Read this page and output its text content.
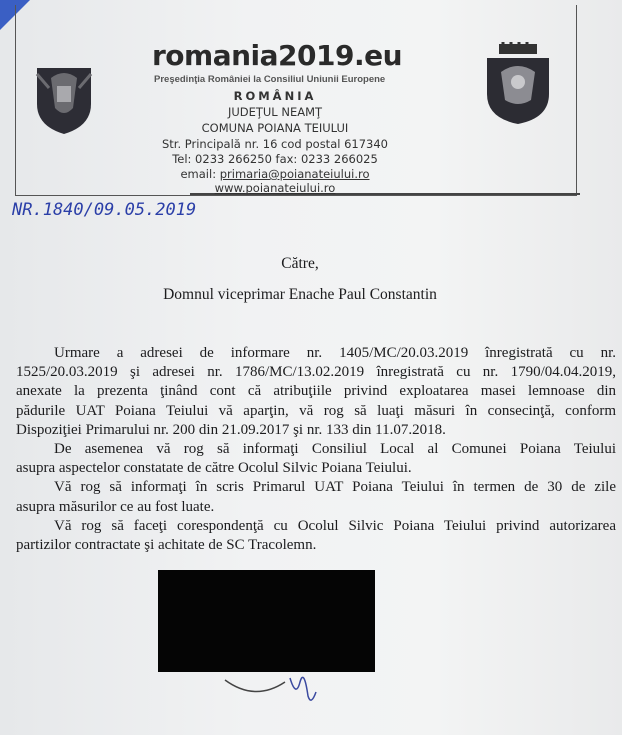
romania2019.eu
Preşedinţia României la Consiliul Uniunii Europene
ROMÂNIA
JUDEŢUL NEAMŢ
COMUNA POIANA TEIULUI
Str. Principală nr. 16 cod postal 617340
Tel: 0233 266250 fax: 0233 266025
email: primaria@poianateiului.ro
www.poianateiului.ro
NR.1840/09.05.2019
Către,
Domnul viceprimar Enache Paul Constantin
Urmare a adresei de informare nr. 1405/MC/20.03.2019 înregistrată cu nr.
1525/20.03.2019 şi adresei nr. 1786/MC/13.02.2019 înregistrată cu nr. 1790/04.04.2019,
anexate la prezenta ţinând cont că atribuţiile privind exploatarea masei lemnoase din
pădurile UAT Poiana Teiului vă aparţin, vă rog să luaţi măsuri în consecinţă, conform
Dispoziţiei Primarului nr. 200 din 21.09.2017 şi nr. 133 din 11.07.2018.
De asemenea vă rog să informaţi Consiliul Local al Comunei Poiana Teiului
asupra aspectelor constatate de către Ocolul Silvic Poiana Teiului.
Vă rog să informaţi în scris Primarul UAT Poiana Teiului în termen de 30 de zile
asupra măsurilor ce au fost luate.
Vă rog să faceţi corespondenţă cu Ocolul Silvic Poiana Teiului privind autorizarea
partizilor contractate şi achitate de SC Tracolemn.
